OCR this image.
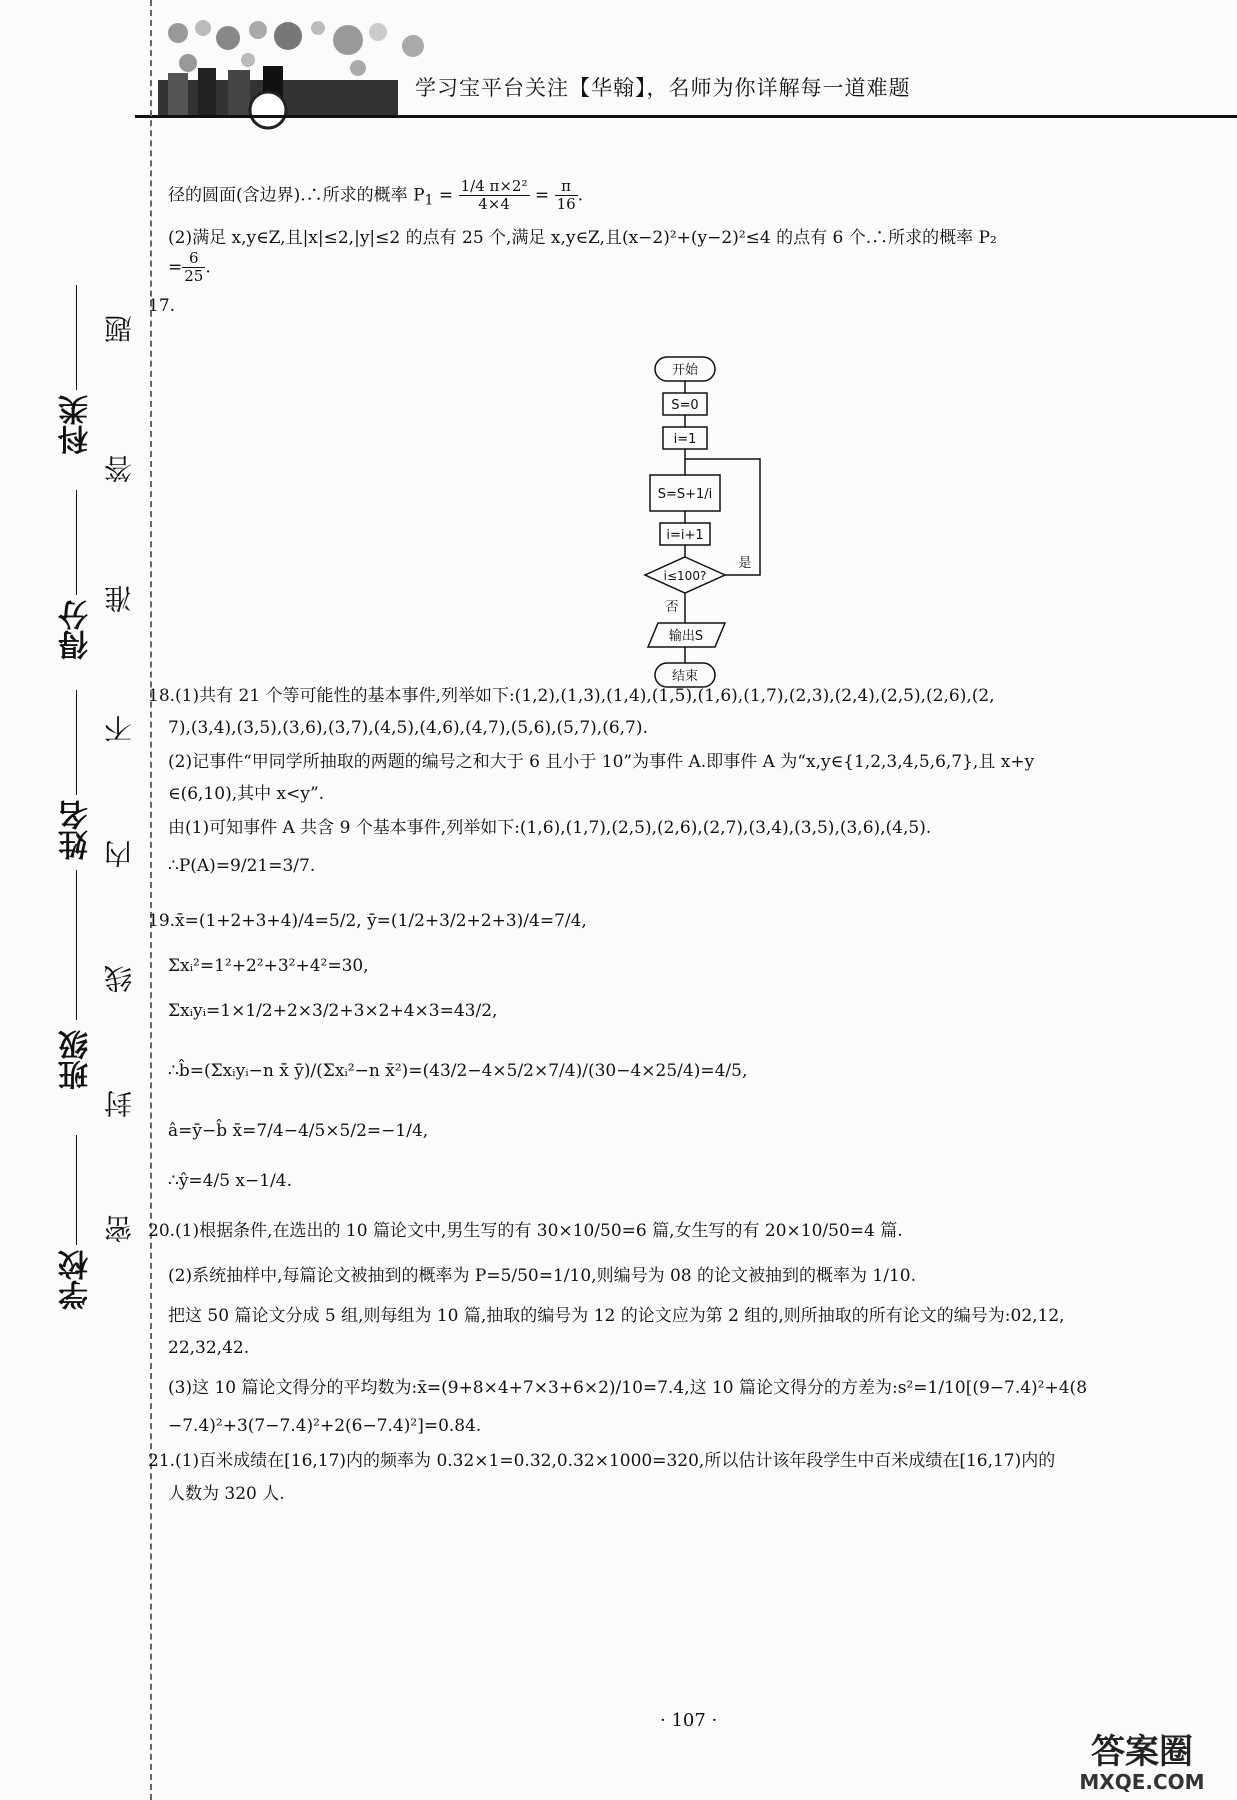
学习宝平台关注【华翰】，名师为你详解每一道难题
学校
班级
姓名
得分
科类
密
封
线
内
不
准
答
题
径的圆面(含边界).∴所求的概率 $P_1 = \frac{\text{1/4 π×2²}}{4\times 4} = \frac{\pi}{16}$ .
(2)满足 x,y∈Z,且|x|≤2,|y|≤2 的点有 25 个,满足 x,y∈Z,且(x−2)²+(y−2)²≤4 的点有 6 个.∴所求的概率 P₂
= $\frac{6}{25}$ .
17.
18.(1)共有 21 个等可能性的基本事件,列举如下:(1,2),(1,3),(1,4),(1,5),(1,6),(1,7),(2,3),(2,4),(2,5),(2,6),(2,
7),(3,4),(3,5),(3,6),(3,7),(4,5),(4,6),(4,7),(5,6),(5,7),(6,7).
(2)记事件“甲同学所抽取的两题的编号之和大于 6 且小于 10”为事件 A.即事件 A 为“x,y∈{1,2,3,4,5,6,7},且 x+y
∈(6,10),其中 x<y”.
由(1)可知事件 A 共含 9 个基本事件,列举如下:(1,6),(1,7),(2,5),(2,6),(2,7),(3,4),(3,5),(3,6),(4,5).
∴P(A)=9/21=3/7.
19.x̄=(1+2+3+4)/4=5/2, ȳ=(1/2+3/2+2+3)/4=7/4,
Σxᵢ²=1²+2²+3²+4²=30,
Σxᵢyᵢ=1×1/2+2×3/2+3×2+4×3=43/2,
∴b̂=(Σxᵢyᵢ−n x̄ ȳ)/(Σxᵢ²−n x̄²)=(43/2−4×5/2×7/4)/(30−4×25/4)=4/5,
â=ȳ−b̂ x̄=7/4−4/5×5/2=−1/4,
∴ŷ=4/5 x−1/4.
20.(1)根据条件,在选出的 10 篇论文中,男生写的有 30×10/50=6 篇,女生写的有 20×10/50=4 篇.
(2)系统抽样中,每篇论文被抽到的概率为 P=5/50=1/10,则编号为 08 的论文被抽到的概率为 1/10.
把这 50 篇论文分成 5 组,则每组为 10 篇,抽取的编号为 12 的论文应为第 2 组的,则所抽取的所有论文的编号为:02,12,
22,32,42.
(3)这 10 篇论文得分的平均数为:x̄=(9+8×4+7×3+6×2)/10=7.4,这 10 篇论文得分的方差为:s²=1/10[(9−7.4)²+4(8
−7.4)²+3(7−7.4)²+2(6−7.4)²]=0.84.
21.(1)百米成绩在[16,17)内的频率为 0.32×1=0.32,0.32×1000=320,所以估计该年段学生中百米成绩在[16,17)内的
人数为 320 人.
开始
S=0
i=1
S=S+1/i
i=i+1
i≤100?
是
否
输出S
结束
· 107 ·
答案圈
MXQE.COM
